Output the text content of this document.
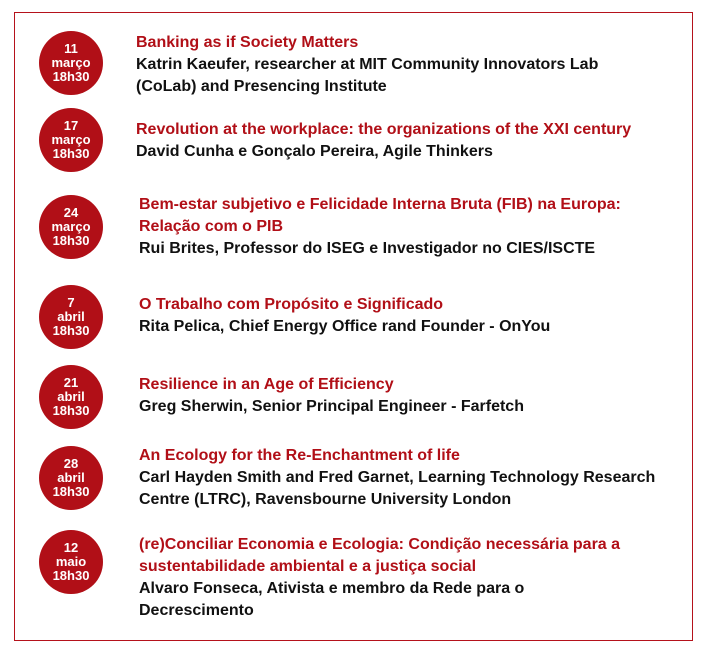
11
março
18h30
Banking as if Society Matters
Katrin Kaeufer, researcher at MIT Community Innovators Lab (CoLab) and Presencing Institute
17
março
18h30
Revolution at the workplace: the organizations of the XXI century
David Cunha e Gonçalo Pereira, Agile Thinkers
24
março
18h30
Bem-estar subjetivo e Felicidade Interna Bruta (FIB) na Europa: Relação com o PIB
Rui Brites, Professor do ISEG e Investigador no CIES/ISCTE
7
abril
18h30
O Trabalho com Propósito e Significado
Rita Pelica, Chief Energy Office rand Founder - OnYou
21
abril
18h30
Resilience in an Age of Efficiency
Greg Sherwin, Senior Principal Engineer - Farfetch
28
abril
18h30
An Ecology for the Re-Enchantment of life
Carl Hayden Smith and Fred Garnet, Learning Technology Research Centre (LTRC), Ravensbourne University London
12
maio
18h30
(re)Conciliar Economia e Ecologia: Condição necessária para a sustentabilidade ambiental e a justiça social
Alvaro Fonseca, Ativista e membro da Rede para o Decrescimento
